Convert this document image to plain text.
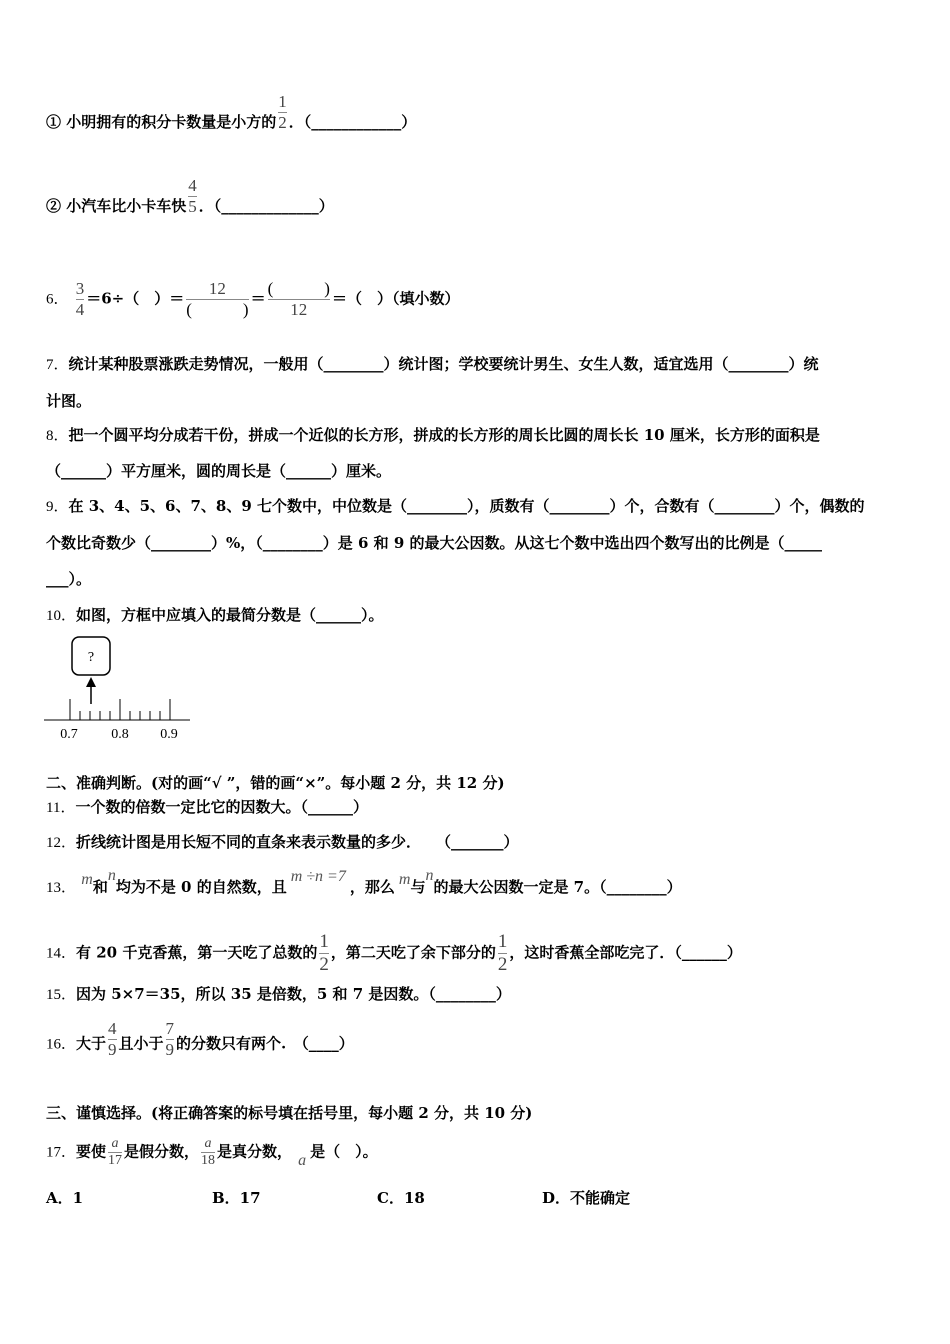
① 小明拥有的积分卡数量是小方的 $\frac{1}{2}$ ．（____________）
② 小汽车比小卡车快 $\frac{4}{5}$ ．（_____________）
6． $\frac{3}{4} =6\div$（　）＝ $\frac{12}{( )} = \frac{( )}{12}$ ＝（　）（填小数）
7．统计某种股票涨跌走势情况，一般用（________）统计图；学校要统计男生、女生人数，适宜选用（________）统
计图。
8．把一个圆平均分成若干份，拼成一个近似的长方形，拼成的长方形的周长比圆的周长长 10 厘米，长方形的面积是
（______）平方厘米，圆的周长是（______）厘米。
9．在 3、4、5、6、7、8、9 七个数中，中位数是（________），质数有（________）个，合数有（________）个，偶数的
个数比奇数少（________）%，（________）是 6 和 9 的最大公因数。从这七个数中选出四个数写出的比例是（_____
___）。
10．如图，方框中应填入的最简分数是（______）。
?
0.7 0.8 0.9
二、准确判断。(对的画“√ ”，错的画“×”。每小题 2 分，共 12 分)
11．一个数的倍数一定比它的因数大。（______）
12．折线统计图是用长短不同的直条来表示数量的多少．　　（_______）
13． m和n均为不是 0 的自然数，且m ÷n =7，那么 m与n的最大公因数一定是 7。（________）
14．有 20 千克香蕉，第一天吃了总数的 $\frac{1}{2}$ ，第二天吃了余下部分的 $\frac{1}{2}$ ，这时香蕉全部吃完了．（______）
15．因为 5×7＝35，所以 35 是倍数，5 和 7 是因数。（________）
16．大于 $\frac{4}{9}$ 且小于 $\frac{7}{9}$ 的分数只有两个.　（____）
三、谨慎选择。(将正确答案的标号填在括号里，每小题 2 分，共 10 分)
17．要使 $\frac{a}{17}$ 是假分数， $\frac{a}{18}$ 是真分数， a 是（　）。
A．1	B．17	C．18	D．不能确定
